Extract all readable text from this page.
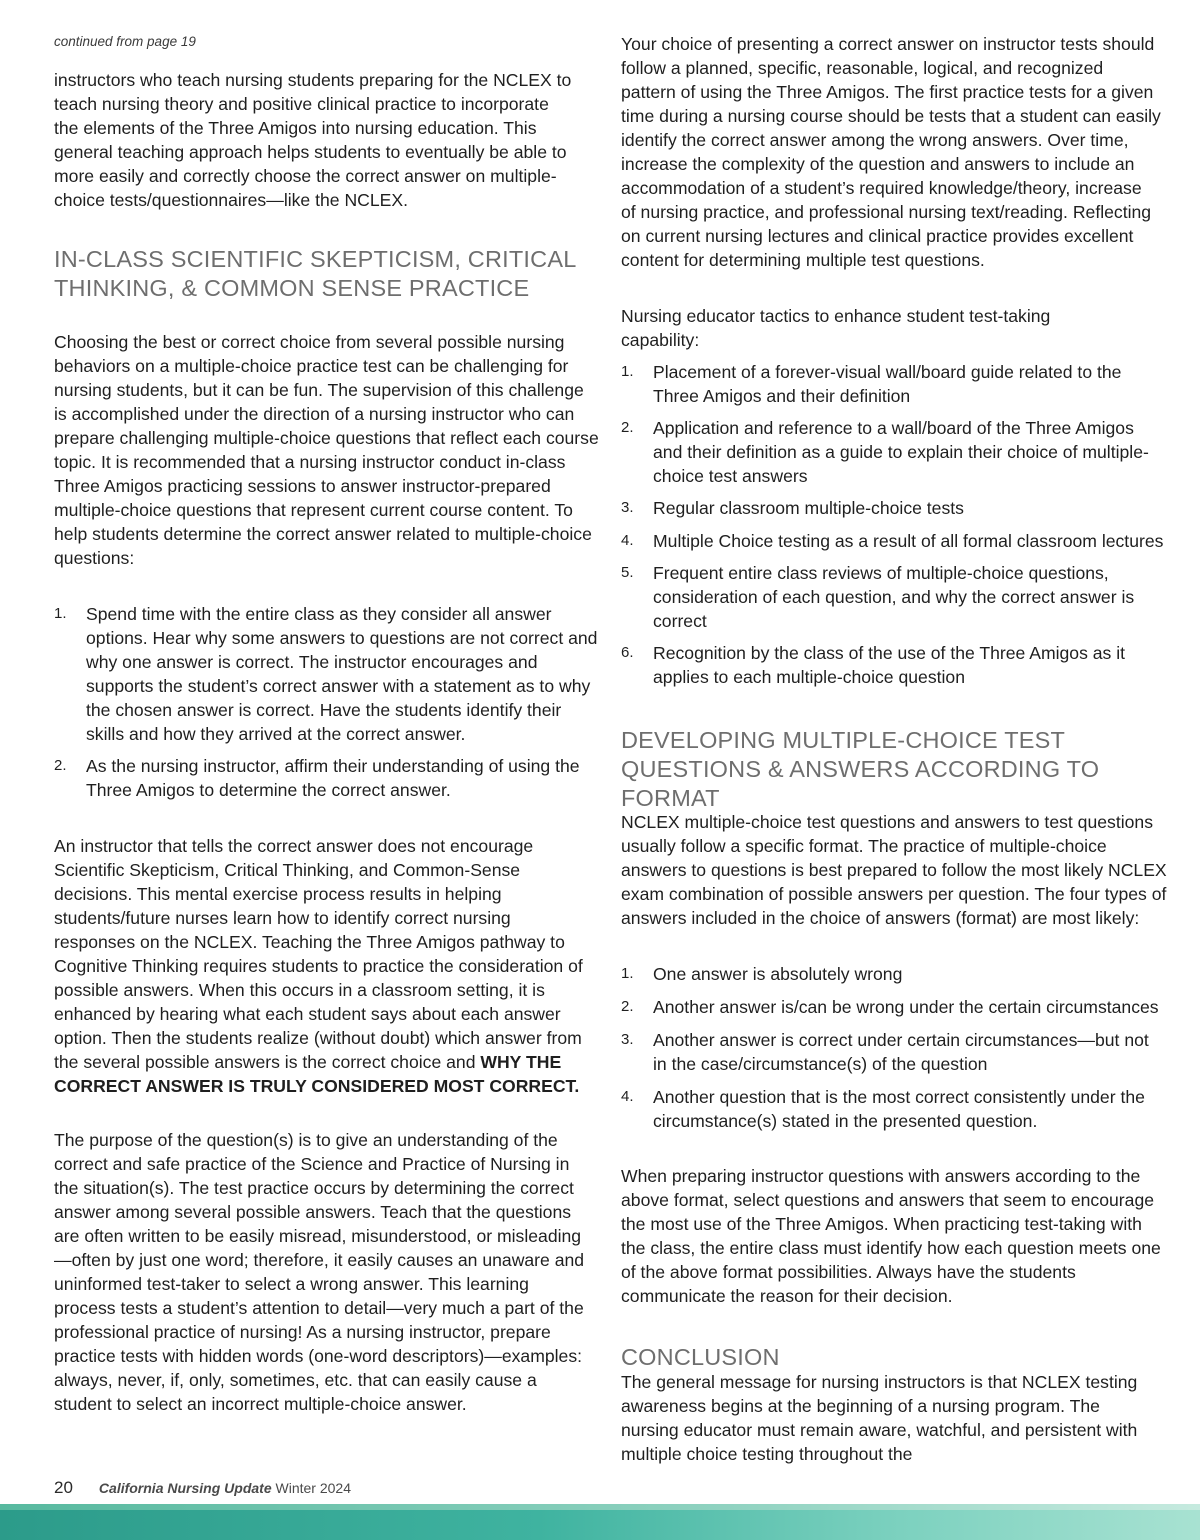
continued from page 19

instructors who teach nursing students preparing for the NCLEX to teach nursing theory and positive clinical practice to incorporate the elements of the Three Amigos into nursing education. This general teaching approach helps students to eventually be able to more easily and correctly choose the correct answer on multiple-choice tests/questionnaires—like the NCLEX.

IN-CLASS SCIENTIFIC SKEPTICISM, CRITICAL THINKING, & COMMON SENSE PRACTICE

Choosing the best or correct choice from several possible nursing behaviors on a multiple-choice practice test can be challenging for nursing students, but it can be fun. The supervision of this challenge is accomplished under the direction of a nursing instructor who can prepare challenging multiple-choice questions that reflect each course topic. It is recommended that a nursing instructor conduct in-class Three Amigos practicing sessions to answer instructor-prepared multiple-choice questions that represent current course content. To help students determine the correct answer related to multiple-choice questions:

1. Spend time with the entire class as they consider all answer options. Hear why some answers to questions are not correct and why one answer is correct. The instructor encourages and supports the student’s correct answer with a statement as to why the chosen answer is correct. Have the students identify their skills and how they arrived at the correct answer.
2. As the nursing instructor, affirm their understanding of using the Three Amigos to determine the correct answer.

An instructor that tells the correct answer does not encourage Scientific Skepticism, Critical Thinking, and Common-Sense decisions. This mental exercise process results in helping students/future nurses learn how to identify correct nursing responses on the NCLEX. Teaching the Three Amigos pathway to Cognitive Thinking requires students to practice the consideration of possible answers. When this occurs in a classroom setting, it is enhanced by hearing what each student says about each answer option. Then the students realize (without doubt) which answer from the several possible answers is the correct choice and WHY THE CORRECT ANSWER IS TRULY CONSIDERED MOST CORRECT.

The purpose of the question(s) is to give an understanding of the correct and safe practice of the Science and Practice of Nursing in the situation(s). The test practice occurs by determining the correct answer among several possible answers. Teach that the questions are often written to be easily misread, misunderstood, or misleading—often by just one word; therefore, it easily causes an unaware and uninformed test-taker to select a wrong answer. This learning process tests a student’s attention to detail—very much a part of the professional practice of nursing! As a nursing instructor, prepare practice tests with hidden words (one-word descriptors)—examples: always, never, if, only, sometimes, etc. that can easily cause a student to select an incorrect multiple-choice answer.

Your choice of presenting a correct answer on instructor tests should follow a planned, specific, reasonable, logical, and recognized pattern of using the Three Amigos. The first practice tests for a given time during a nursing course should be tests that a student can easily identify the correct answer among the wrong answers. Over time, increase the complexity of the question and answers to include an accommodation of a student’s required knowledge/theory, increase of nursing practice, and professional nursing text/reading. Reflecting on current nursing lectures and clinical practice provides excellent content for determining multiple test questions.

Nursing educator tactics to enhance student test-taking capability:

1. Placement of a forever-visual wall/board guide related to the Three Amigos and their definition
2. Application and reference to a wall/board of the Three Amigos and their definition as a guide to explain their choice of multiple-choice test answers
3. Regular classroom multiple-choice tests
4. Multiple Choice testing as a result of all formal classroom lectures
5. Frequent entire class reviews of multiple-choice questions, consideration of each question, and why the correct answer is correct
6. Recognition by the class of the use of the Three Amigos as it applies to each multiple-choice question
DEVELOPING MULTIPLE-CHOICE TEST QUESTIONS & ANSWERS ACCORDING TO FORMAT

NCLEX multiple-choice test questions and answers to test questions usually follow a specific format. The practice of multiple-choice answers to questions is best prepared to follow the most likely NCLEX exam combination of possible answers per question. The four types of answers included in the choice of answers (format) are most likely:

1. One answer is absolutely wrong
2. Another answer is/can be wrong under the certain circumstances
3. Another answer is correct under certain circumstances—but not in the case/circumstance(s) of the question
4. Another question that is the most correct consistently under the circumstance(s) stated in the presented question.

When preparing instructor questions with answers according to the above format, select questions and answers that seem to encourage the most use of the Three Amigos. When practicing test-taking with the class, the entire class must identify how each question meets one of the above format possibilities. Always have the students communicate the reason for their decision.

CONCLUSION

The general message for nursing instructors is that NCLEX testing awareness begins at the beginning of a nursing program. The nursing educator must remain aware, watchful, and persistent with multiple choice testing throughout the

20 California Nursing Update Winter 2024
